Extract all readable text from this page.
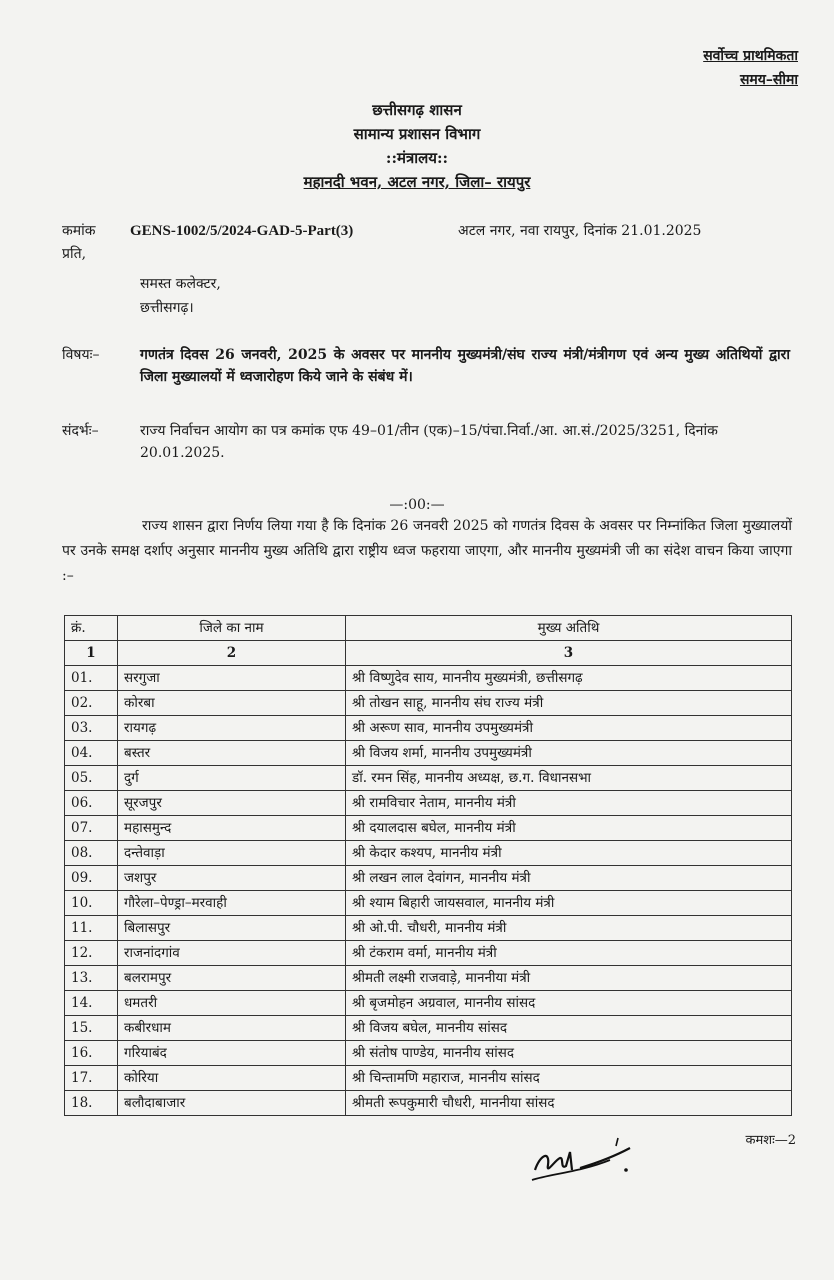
सर्वोच्च प्राथमिकता
समय–सीमा
छत्तीसगढ़ शासन
सामान्य प्रशासन विभाग
::मंत्रालय::
महानदी भवन, अटल नगर, जिला– रायपुर
कमांक GENS-1002/5/2024-GAD-5-Part(3)	अटल नगर, नवा रायपुर, दिनांक 21.01.2025
प्रति,
समस्त कलेक्टर,
छत्तीसगढ़।
विषयः–	गणतंत्र दिवस 26 जनवरी, 2025 के अवसर पर माननीय मुख्यमंत्री/संघ राज्य मंत्री/मंत्रीगण एवं अन्य मुख्य अतिथियों द्वारा जिला मुख्यालयों में ध्वजारोहण किये जाने के संबंध में।
संदर्भः–	राज्य निर्वाचन आयोग का पत्र कमांक एफ 49–01/तीन (एक)–15/पंचा.निर्वा./आ. आ.सं./2025/3251, दिनांक 20.01.2025.
—:00:—
राज्य शासन द्वारा निर्णय लिया गया है कि दिनांक 26 जनवरी 2025 को गणतंत्र दिवस के अवसर पर निम्नांकित जिला मुख्यालयों पर उनके समक्ष दर्शाए अनुसार माननीय मुख्य अतिथि द्वारा राष्ट्रीय ध्वज फहराया जाएगा, और माननीय मुख्यमंत्री जी का संदेश वाचन किया जाएगा :–
क्रं.	जिले का नाम	मुख्य अतिथि
1	2	3
01.	सरगुजा	श्री विष्णुदेव साय, माननीय मुख्यमंत्री, छत्तीसगढ़
02.	कोरबा	श्री तोखन साहू, माननीय संघ राज्य मंत्री
03.	रायगढ़	श्री अरूण साव, माननीय उपमुख्यमंत्री
04.	बस्तर	श्री विजय शर्मा, माननीय उपमुख्यमंत्री
05.	दुर्ग	डॉ. रमन सिंह, माननीय अध्यक्ष, छ.ग. विधानसभा
06.	सूरजपुर	श्री रामविचार नेताम, माननीय मंत्री
07.	महासमुन्द	श्री दयालदास बघेल, माननीय मंत्री
08.	दन्तेवाड़ा	श्री केदार कश्यप, माननीय मंत्री
09.	जशपुर	श्री लखन लाल देवांगन, माननीय मंत्री
10.	गौरेला–पेण्ड्रा–मरवाही	श्री श्याम बिहारी जायसवाल, माननीय मंत्री
11.	बिलासपुर	श्री ओ.पी. चौधरी, माननीय मंत्री
12.	राजनांदगांव	श्री टंकराम वर्मा, माननीय मंत्री
13.	बलरामपुर	श्रीमती लक्ष्मी राजवाड़े, माननीया मंत्री
14.	धमतरी	श्री बृजमोहन अग्रवाल, माननीय सांसद
15.	कबीरधाम	श्री विजय बघेल, माननीय सांसद
16.	गरियाबंद	श्री संतोष पाण्डेय, माननीय सांसद
17.	कोरिया	श्री चिन्तामणि महाराज, माननीय सांसद
18.	बलौदाबाजार	श्रीमती रूपकुमारी चौधरी, माननीया सांसद
कमशः—2
